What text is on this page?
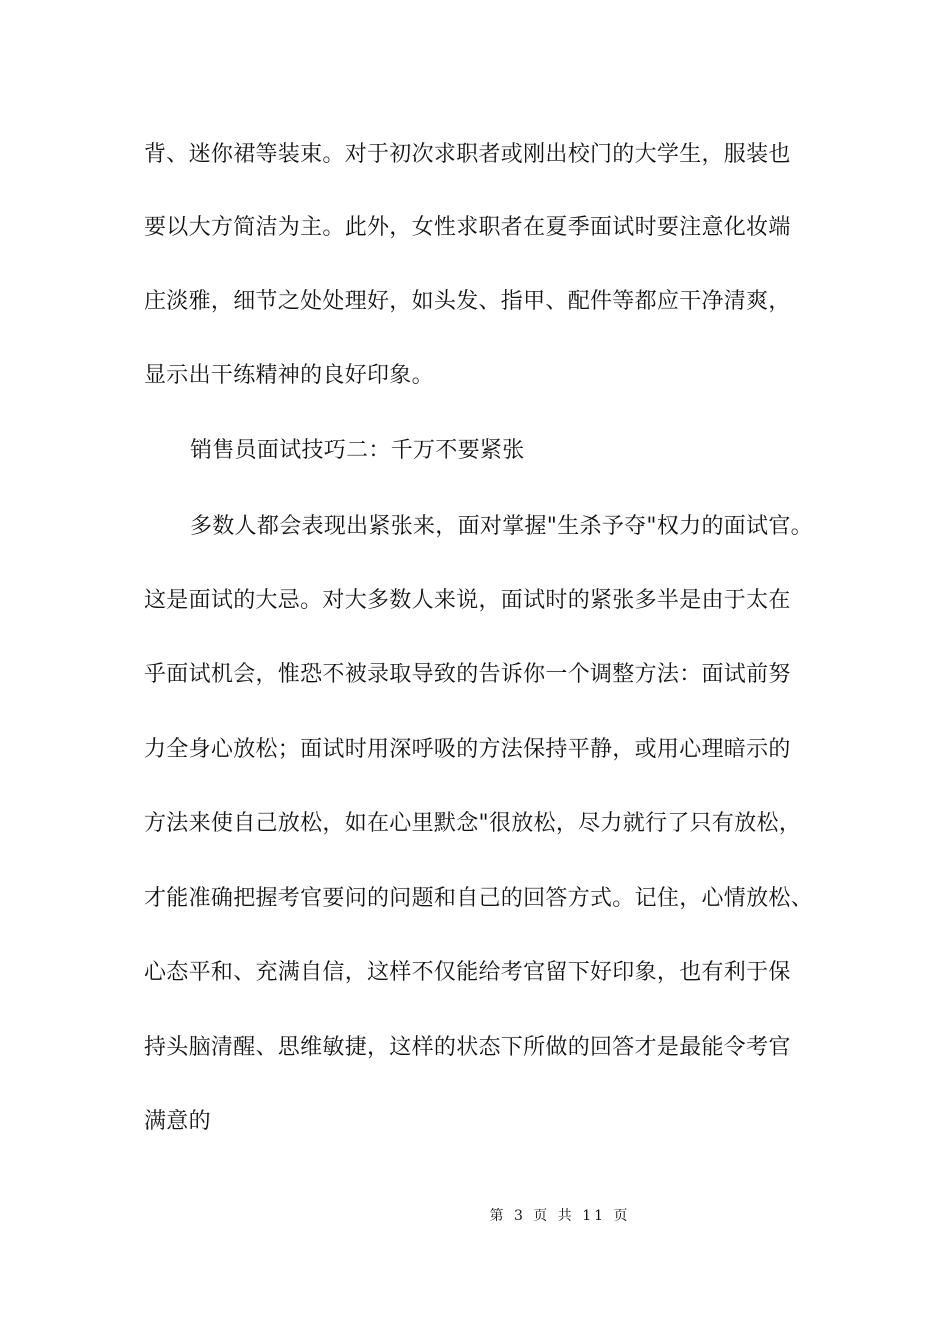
背、迷你裙等装束。对于初次求职者或刚出校门的大学生，服装也
要以大方简洁为主。此外，女性求职者在夏季面试时要注意化妆端
庄淡雅，细节之处处理好，如头发、指甲、配件等都应干净清爽，
显示出干练精神的良好印象。
销售员面试技巧二：千万不要紧张
多数人都会表现出紧张来，面对掌握"生杀予夺"权力的面试官。
这是面试的大忌。对大多数人来说，面试时的紧张多半是由于太在
乎面试机会，惟恐不被录取导致的告诉你一个调整方法：面试前努
力全身心放松；面试时用深呼吸的方法保持平静，或用心理暗示的
方法来使自己放松，如在心里默念"很放松，尽力就行了只有放松，
才能准确把握考官要问的问题和自己的回答方式。记住，心情放松、
心态平和、充满自信，这样不仅能给考官留下好印象，也有利于保
持头脑清醒、思维敏捷，这样的状态下所做的回答才是最能令考官
满意的
第 3 页 共 11 页
